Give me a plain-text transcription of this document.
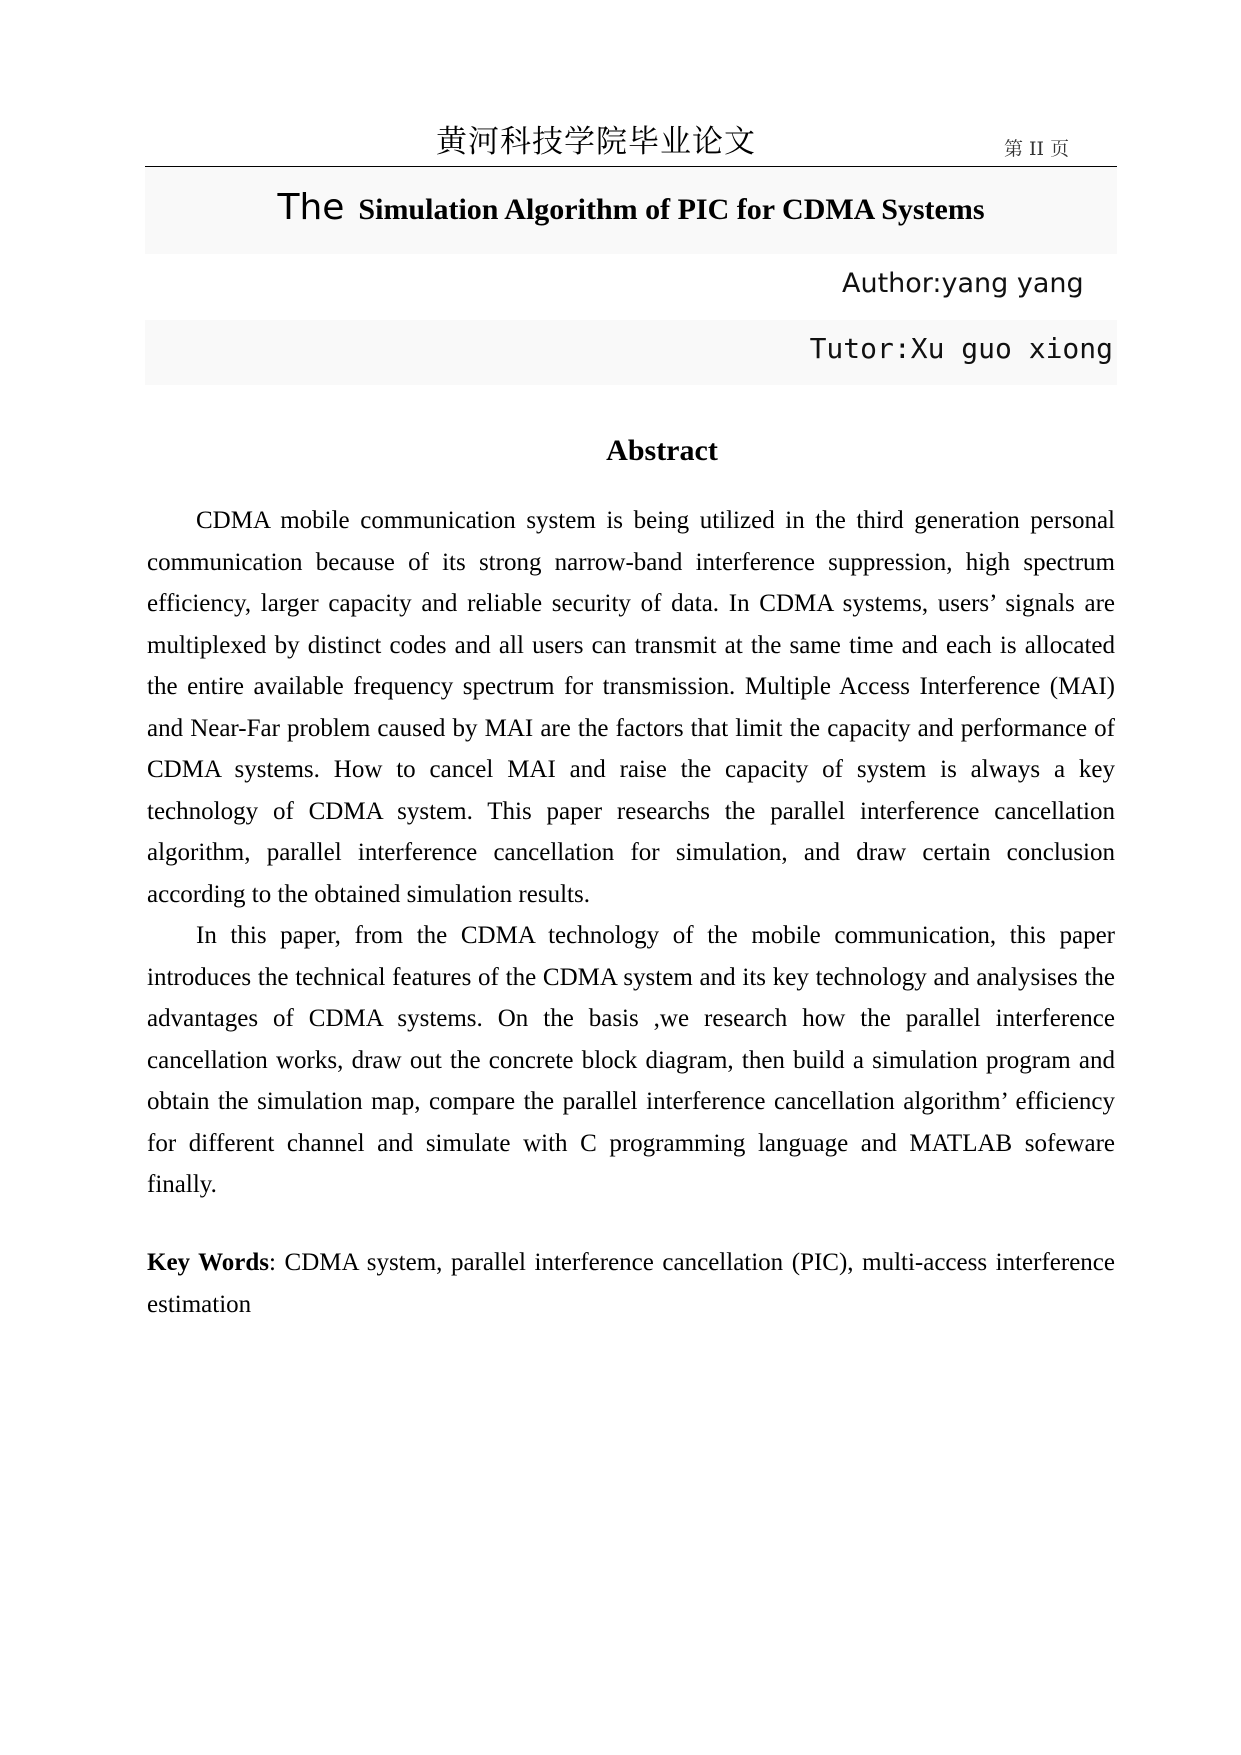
黄河科技学院毕业论文	第 II 页
The Simulation Algorithm of PIC for CDMA Systems
Author:yang yang
Tutor:Xu guo xiong
Abstract

CDMA mobile communication system is being utilized in the third generation personal communication because of its strong narrow-band interference suppression, high spectrum efficiency, larger capacity and reliable security of data. In CDMA systems, users’ signals are multiplexed by distinct codes and all users can transmit at the same time and each is allocated the entire available frequency spectrum for transmission. Multiple Access Interference (MAI) and Near-Far problem caused by MAI are the factors that limit the capacity and performance of CDMA systems. How to cancel MAI and raise the capacity of system is always a key technology of CDMA system. This paper researchs the parallel interference cancellation algorithm, parallel interference cancellation for simulation, and draw certain conclusion according to the obtained simulation results.

In this paper, from the CDMA technology of the mobile communication, this paper introduces the technical features of the CDMA system and its key technology and analysises the advantages of CDMA systems. On the basis ,we research how the parallel interference cancellation works, draw out the concrete block diagram, then build a simulation program and obtain the simulation map, compare the parallel interference cancellation algorithm’ efficiency for different channel and simulate with C programming language and MATLAB sofeware finally.

Key Words: CDMA system, parallel interference cancellation (PIC), multi-access interference estimation
